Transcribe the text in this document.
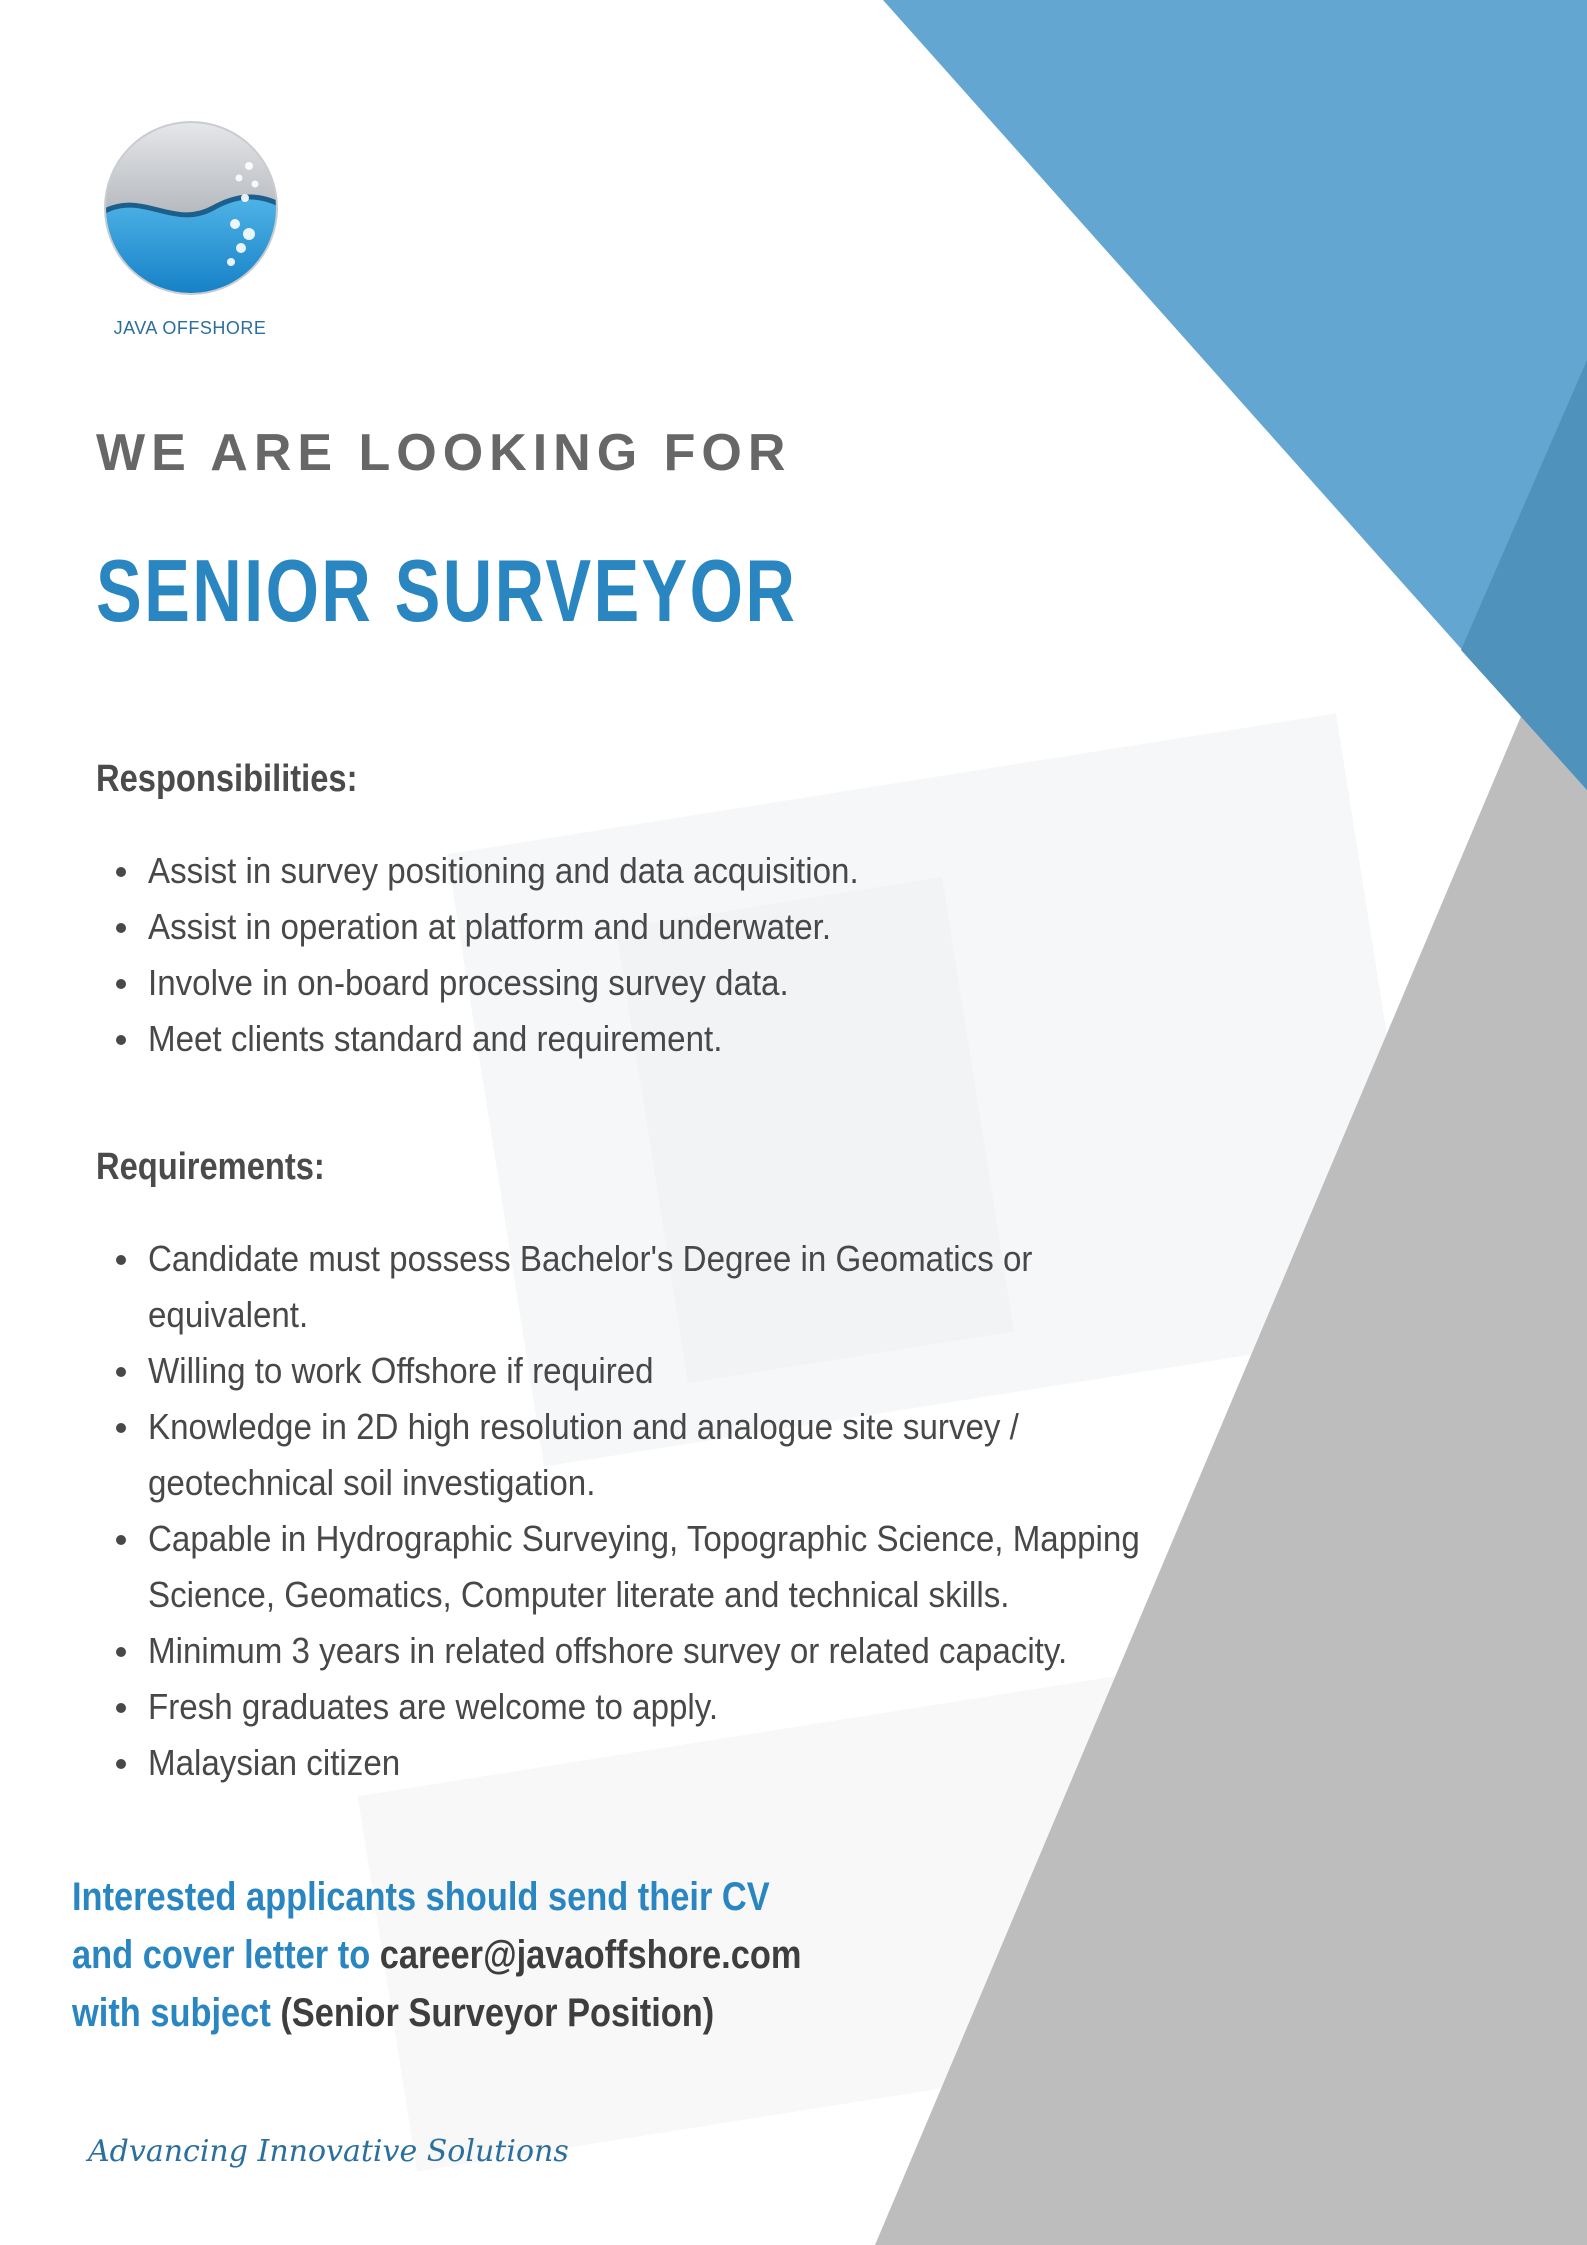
JAVA OFFSHORE
WE ARE LOOKING FOR
SENIOR SURVEYOR
Responsibilities:
Assist in survey positioning and data acquisition.
Assist in operation at platform and underwater.
Involve in on-board processing survey data.
Meet clients standard and requirement.
Requirements:
Candidate must possess Bachelor's Degree in Geomatics or
equivalent.
Willing to work Offshore if required
Knowledge in 2D high resolution and analogue site survey /
geotechnical soil investigation.
Capable in Hydrographic Surveying, Topographic Science, Mapping
Science, Geomatics, Computer literate and technical skills.
Minimum 3 years in related offshore survey or related capacity.
Fresh graduates are welcome to apply.
Malaysian citizen
Interested applicants should send their CV
and cover letter to career@javaoffshore.com
with subject (Senior Surveyor Position)
Advancing Innovative Solutions
